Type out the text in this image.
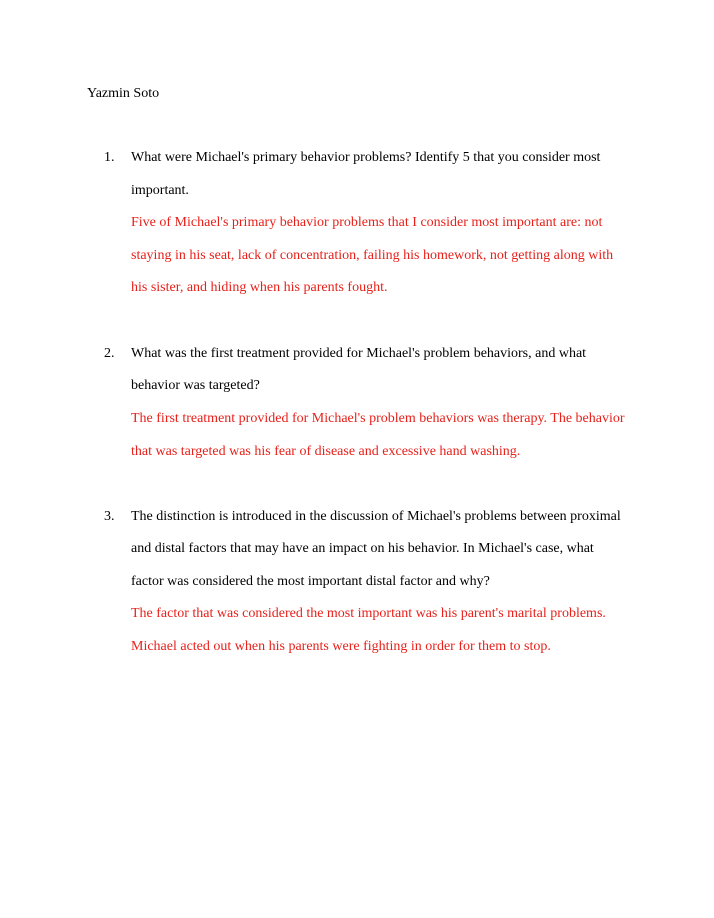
Yazmin Soto
1. What were Michael's primary behavior problems? Identify 5 that you consider most
important.
Five of Michael's primary behavior problems that I consider most important are: not
staying in his seat, lack of concentration, failing his homework, not getting along with
his sister, and hiding when his parents fought.
2. What was the first treatment provided for Michael's problem behaviors, and what
behavior was targeted?
The first treatment provided for Michael's problem behaviors was therapy. The behavior
that was targeted was his fear of disease and excessive hand washing.
3. The distinction is introduced in the discussion of Michael's problems between proximal
and distal factors that may have an impact on his behavior. In Michael's case, what
factor was considered the most important distal factor and why?
The factor that was considered the most important was his parent's marital problems.
Michael acted out when his parents were fighting in order for them to stop.
